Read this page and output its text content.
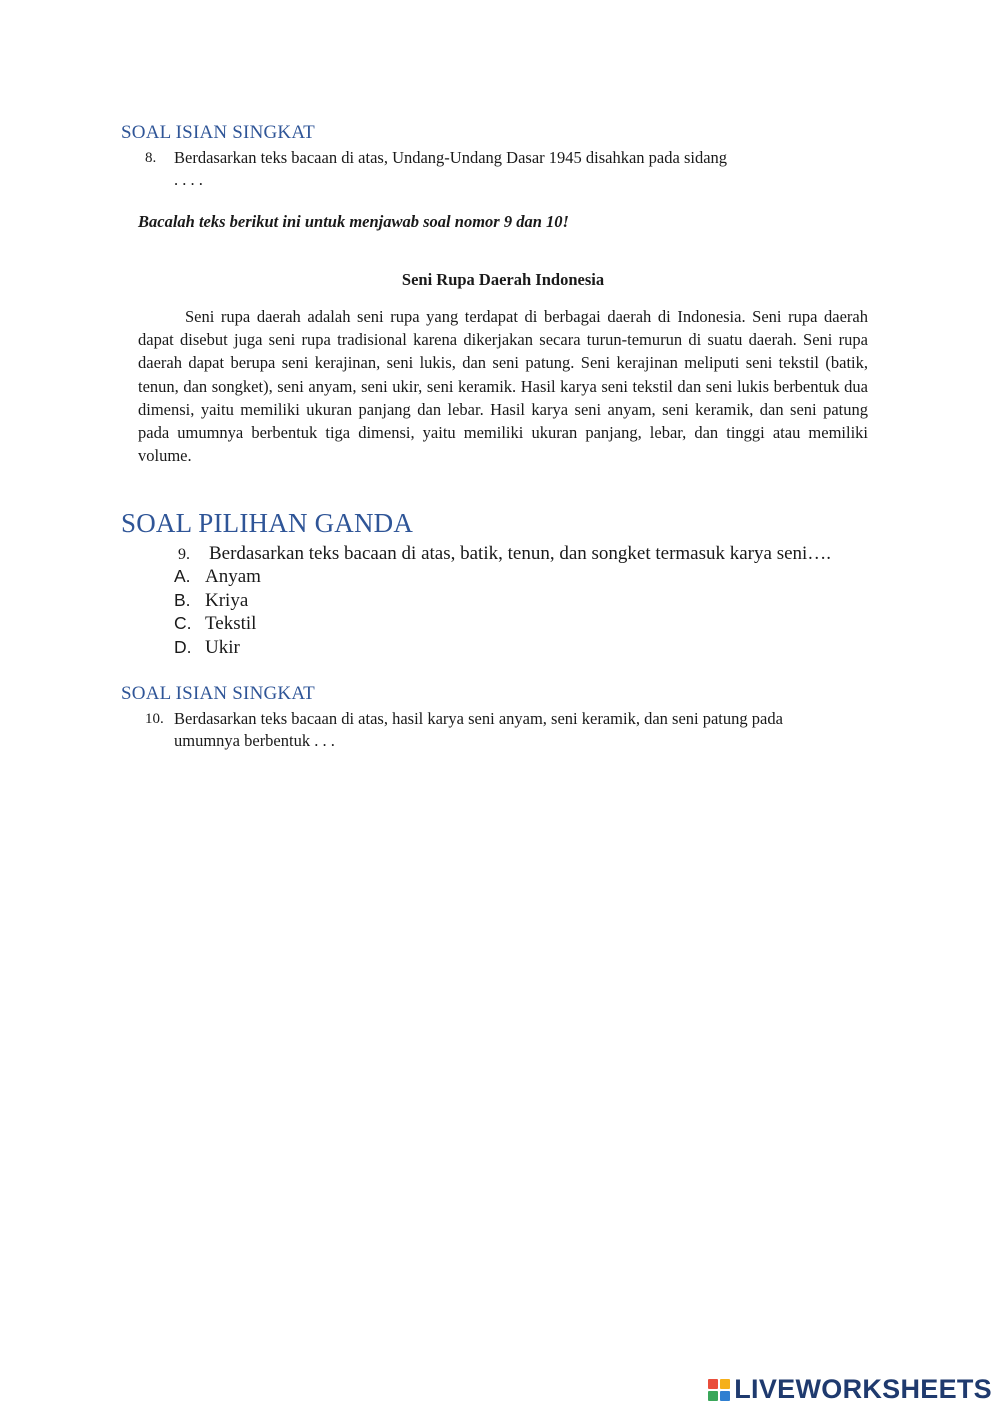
SOAL ISIAN SINGKAT
8. Berdasarkan teks bacaan di atas, Undang-Undang Dasar 1945 disahkan pada sidang
. . . .
Bacalah teks berikut ini untuk menjawab soal nomor 9 dan 10!
Seni Rupa Daerah Indonesia
Seni rupa daerah adalah seni rupa yang terdapat di berbagai daerah di Indonesia. Seni rupa daerah dapat disebut juga seni rupa tradisional karena dikerjakan secara turun-temurun di suatu daerah. Seni rupa daerah dapat berupa seni kerajinan, seni lukis, dan seni patung. Seni kerajinan meliputi seni tekstil (batik, tenun, dan songket), seni anyam, seni ukir, seni keramik. Hasil karya seni tekstil dan seni lukis berbentuk dua dimensi, yaitu memiliki ukuran panjang dan lebar. Hasil karya seni anyam, seni keramik, dan seni patung pada umumnya berbentuk tiga dimensi, yaitu memiliki ukuran panjang, lebar, dan tinggi atau memiliki volume.
SOAL PILIHAN GANDA
9. Berdasarkan teks bacaan di atas, batik, tenun, dan songket termasuk karya seni….
A. Anyam
B. Kriya
C. Tekstil
D. Ukir
SOAL ISIAN SINGKAT
10. Berdasarkan teks bacaan di atas, hasil karya seni anyam, seni keramik, dan seni patung pada
umumnya berbentuk . . .
LIVEWORKSHEETS
